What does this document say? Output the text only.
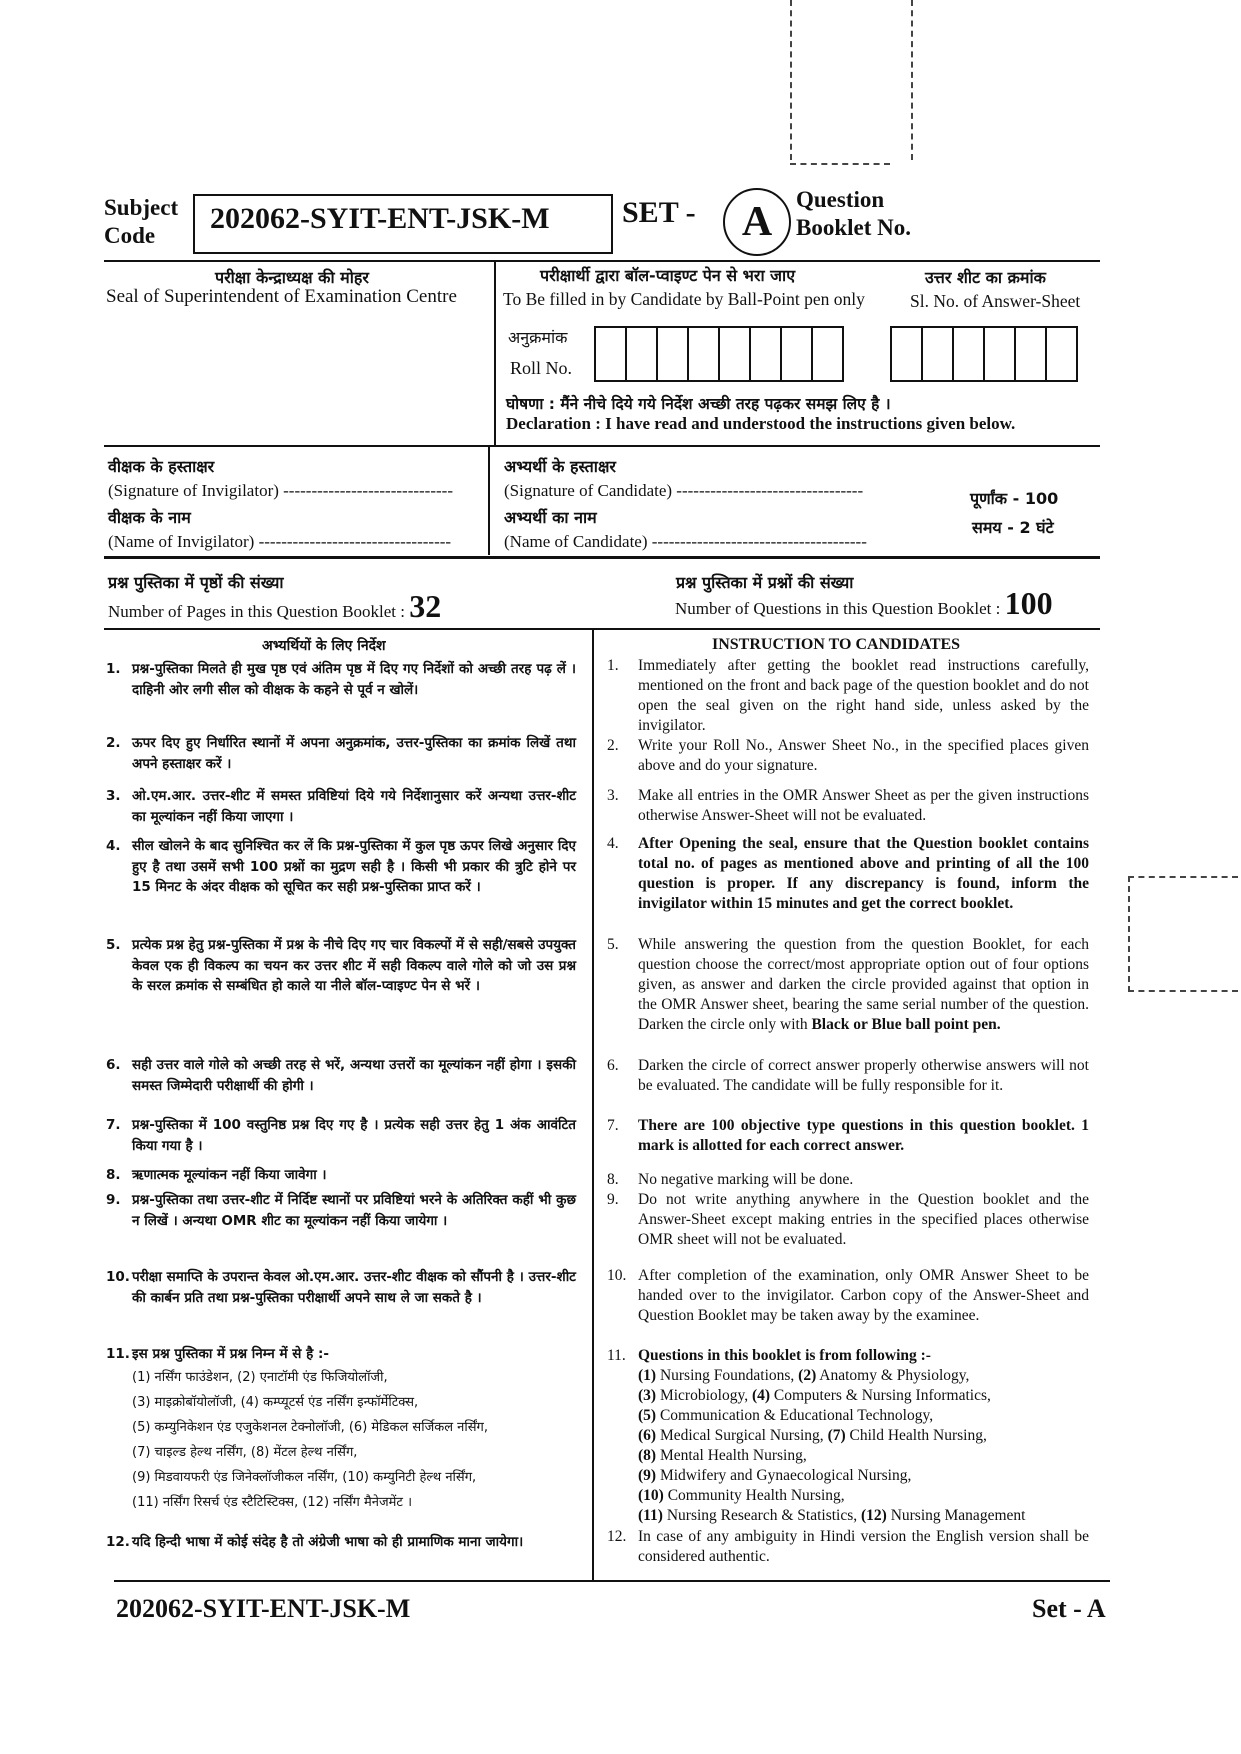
Subject
Code
202062-SYIT-ENT-JSK-M SET -	A	Question
Booklet No.
परीक्षा केन्द्राध्यक्ष की मोहर
Seal of Superintendent of Examination Centre
परीक्षार्थी द्वारा बॉल-प्वाइण्ट पेन से भरा जाए
To Be filled in by Candidate by Ball-Point pen only
उत्तर शीट का क्रमांक
Sl. No. of Answer-Sheet
अनुक्रमांक
Roll No.
घोषणा : मैंने नीचे दिये गये निर्देश अच्छी तरह पढ़कर समझ लिए है ।
Declaration : I have read and understood the instructions given below.
वीक्षक के हस्ताक्षर
(Signature of Invigilator) ------------------------------
वीक्षक के नाम
(Name of Invigilator) ----------------------------------
अभ्यर्थी के हस्ताक्षर
(Signature of Candidate) ---------------------------------
अभ्यर्थी का नाम
(Name of Candidate) --------------------------------------
पूर्णांक - 100
समय - 2 घंटे
प्रश्न पुस्तिका में पृष्ठों की संख्या
Number of Pages in this Question Booklet : 32
प्रश्न पुस्तिका में प्रश्नों की संख्या
Number of Questions in this Question Booklet : 100
अभ्यर्थियों के लिए निर्देश
1. प्रश्न-पुस्तिका मिलते ही मुख पृष्ठ एवं अंतिम पृष्ठ में दिए गए निर्देशों को अच्छी तरह पढ़ लें । दाहिनी ओर लगी सील को वीक्षक के कहने से पूर्व न खोलें।
2. ऊपर दिए हुए निर्धारित स्थानों में अपना अनुक्रमांक, उत्तर-पुस्तिका का क्रमांक लिखें तथा अपने हस्ताक्षर करें ।
3. ओ.एम.आर. उत्तर-शीट में समस्त प्रविष्टियां दिये गये निर्देशानुसार करें अन्यथा उत्तर-शीट का मूल्यांकन नहीं किया जाएगा ।
4. सील खोलने के बाद सुनिश्चित कर लें कि प्रश्न-पुस्तिका में कुल पृष्ठ ऊपर लिखे अनुसार दिए हुए है तथा उसमें सभी 100 प्रश्नों का मुद्रण सही है । किसी भी प्रकार की त्रुटि होने पर 15 मिनट के अंदर वीक्षक को सूचित कर सही प्रश्न-पुस्तिका प्राप्त करें ।
5. प्रत्येक प्रश्न हेतु प्रश्न-पुस्तिका में प्रश्न के नीचे दिए गए चार विकल्पों में से सही/सबसे उपयुक्त केवल एक ही विकल्प का चयन कर उत्तर शीट में सही विकल्प वाले गोले को जो उस प्रश्न के सरल क्रमांक से सम्बंधित हो काले या नीले बॉल-प्वाइण्ट पेन से भरें ।
6. सही उत्तर वाले गोले को अच्छी तरह से भरें, अन्यथा उत्तरों का मूल्यांकन नहीं होगा । इसकी समस्त जिम्मेदारी परीक्षार्थी की होगी ।
7. प्रश्न-पुस्तिका में 100 वस्तुनिष्ठ प्रश्न दिए गए है । प्रत्येक सही उत्तर हेतु 1 अंक आवंटित किया गया है ।
8. ऋणात्मक मूल्यांकन नहीं किया जावेगा ।
9. प्रश्न-पुस्तिका तथा उत्तर-शीट में निर्दिष्ट स्थानों पर प्रविष्टियां भरने के अतिरिक्त कहीं भी कुछ न लिखें । अन्यथा OMR शीट का मूल्यांकन नहीं किया जायेगा ।
10. परीक्षा समाप्ति के उपरान्त केवल ओ.एम.आर. उत्तर-शीट वीक्षक को सौंपनी है । उत्तर-शीट की कार्बन प्रति तथा प्रश्न-पुस्तिका परीक्षार्थी अपने साथ ले जा सकते है ।
11. इस प्रश्न पुस्तिका में प्रश्न निम्न में से है :-
(1) नर्सिंग फाउंडेशन, (2) एनाटॉमी एंड फिजियोलॉजी,
(3) माइक्रोबॉयोलॉजी, (4) कम्प्यूटर्स एंड नर्सिंग इन्फॉर्मेटिक्स,
(5) कम्युनिकेशन एंड एजुकेशनल टेक्नोलॉजी, (6) मेडिकल सर्जिकल नर्सिंग,
(7) चाइल्ड हेल्थ नर्सिंग, (8) मेंटल हेल्थ नर्सिंग,
(9) मिडवायफरी एंड जिनेक्लॉजीकल नर्सिंग, (10) कम्युनिटी हेल्थ नर्सिंग,
(11) नर्सिंग रिसर्च एंड स्टैटिस्टिक्स, (12) नर्सिंग मैनेजमेंट ।
12. यदि हिन्दी भाषा में कोई संदेह है तो अंग्रेजी भाषा को ही प्रामाणिक माना जायेगा।
INSTRUCTION TO CANDIDATES
1.	Immediately after getting the booklet read instructions carefully, mentioned on the front and back page of the question booklet and do not open the seal given on the right hand side, unless asked by the invigilator.
2.	Write your Roll No., Answer Sheet No., in the specified places given above and do your signature.
3.	Make all entries in the OMR Answer Sheet as per the given instructions otherwise Answer-Sheet will not be evaluated.
4.	After Opening the seal, ensure that the Question booklet contains total no. of pages as mentioned above and printing of all the 100 question is proper. If any discrepancy is found, inform the invigilator within 15 minutes and get the correct booklet.
5.	While answering the question from the question Booklet, for each question choose the correct/most appropriate option out of four options given, as answer and darken the circle provided against that option in the OMR Answer sheet, bearing the same serial number of the question. Darken the circle only with Black or Blue ball point pen.
6.	Darken the circle of correct answer properly otherwise answers will not be evaluated. The candidate will be fully responsible for it.
7.	There are 100 objective type questions in this question booklet. 1 mark is allotted for each correct answer.
8.	No negative marking will be done.
9.	Do not write anything anywhere in the Question booklet and the Answer-Sheet except making entries in the specified places otherwise OMR sheet will not be evaluated.
10. After completion of the examination, only OMR Answer Sheet to be handed over to the invigilator. Carbon copy of the Answer-Sheet and Question Booklet may be taken away by the examinee.
11. Questions in this booklet is from following :-
(1) Nursing Foundations, (2) Anatomy & Physiology,
(3) Microbiology, (4) Computers & Nursing Informatics,
(5) Communication & Educational Technology,
(6) Medical Surgical Nursing, (7) Child Health Nursing,
(8) Mental Health Nursing,
(9) Midwifery and Gynaecological Nursing,
(10) Community Health Nursing,
(11) Nursing Research & Statistics, (12) Nursing Management
12. In case of any ambiguity in Hindi version the English version shall be considered authentic.
202062-SYIT-ENT-JSK-M	Set - A
